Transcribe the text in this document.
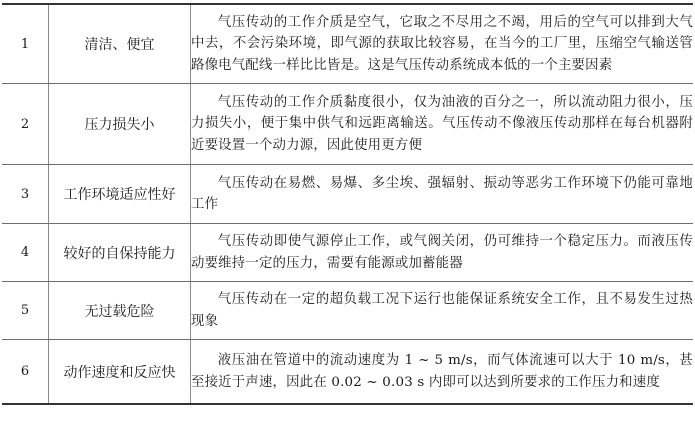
1	清洁、便宜	气压传动的工作介质是空气，它取之不尽用之不竭，用后的空气可以排到大气中去，不会污染环境，即气源的获取比较容易，在当今的工厂里，压缩空气输送管路像电气配线一样比比皆是。这是气压传动系统成本低的一个主要因素
2	压力损失小	气压传动的工作介质黏度很小，仅为油液的百分之一，所以流动阻力很小，压力损失小，便于集中供气和远距离输送。气压传动不像液压传动那样在每台机器附近要设置一个动力源，因此使用更方便
3	工作环境适应性好	气压传动在易燃、易爆、多尘埃、强辐射、振动等恶劣工作环境下仍能可靠地工作
4	较好的自保持能力	气压传动即使气源停止工作，或气阀关闭，仍可维持一个稳定压力。而液压传动要维持一定的压力，需要有能源或加蓄能器
5	无过载危险	气压传动在一定的超负载工况下运行也能保证系统安全工作，且不易发生过热现象
6	动作速度和反应快	液压油在管道中的流动速度为 1 ~ 5 m/s，而气体流速可以大于 10 m/s，甚至接近于声速，因此在 0.02 ~ 0.03 s 内即可以达到所要求的工作压力和速度
